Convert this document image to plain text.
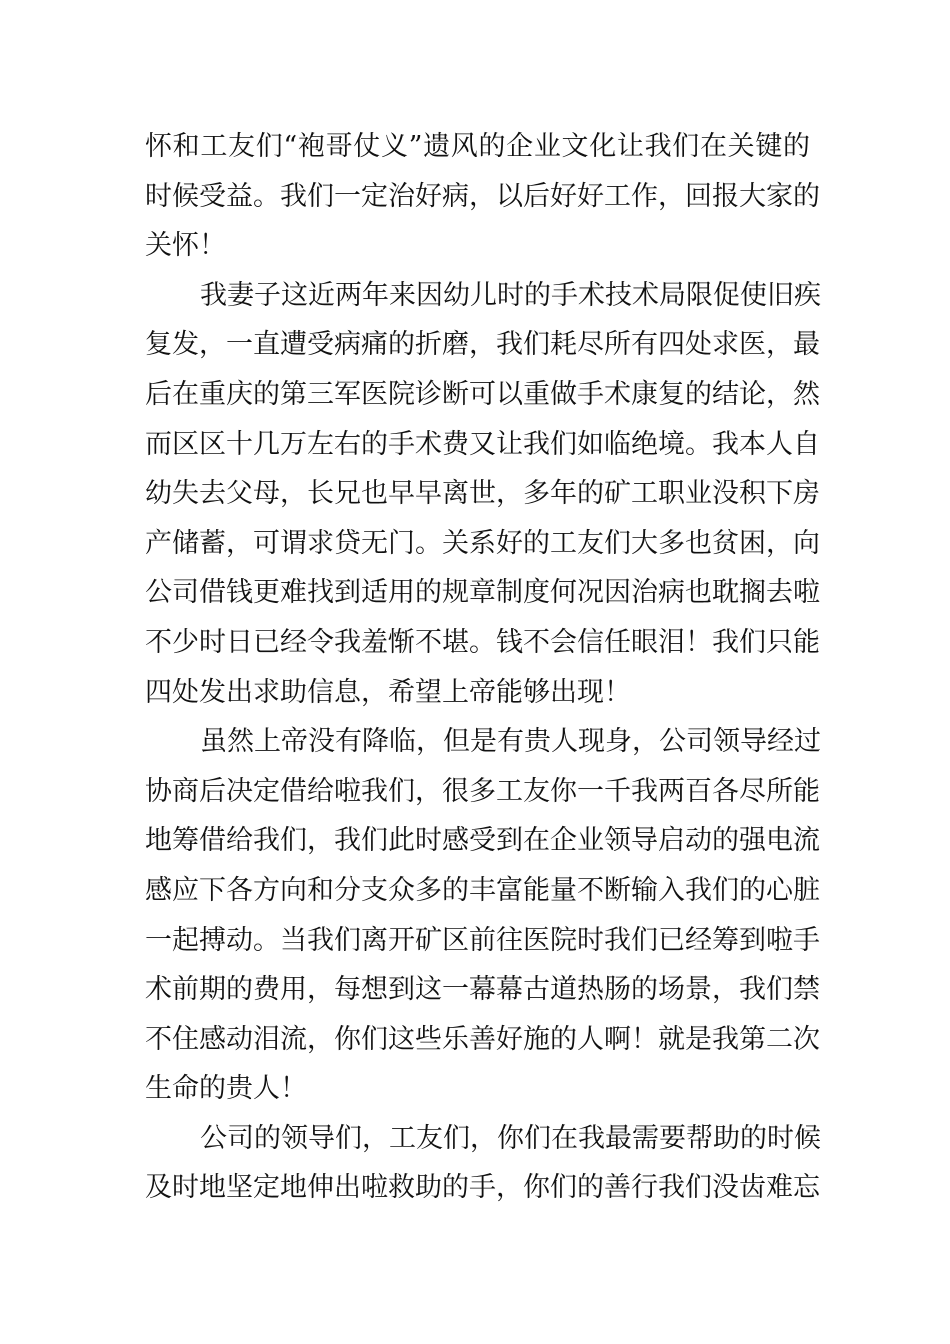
怀和工友们“袍哥仗义”遗风的企业文化让我们在关键的
时候受益。我们一定治好病，以后好好工作，回报大家的
关怀！
我妻子这近两年来因幼儿时的手术技术局限促使旧疾
复发，一直遭受病痛的折磨，我们耗尽所有四处求医，最
后在重庆的第三军医院诊断可以重做手术康复的结论，然
而区区十几万左右的手术费又让我们如临绝境。我本人自
幼失去父母，长兄也早早离世，多年的矿工职业没积下房
产储蓄，可谓求贷无门。关系好的工友们大多也贫困，向
公司借钱更难找到适用的规章制度何况因治病也耽搁去啦
不少时日已经令我羞惭不堪。钱不会信任眼泪！我们只能
四处发出求助信息，希望上帝能够出现！
虽然上帝没有降临，但是有贵人现身，公司领导经过
协商后决定借给啦我们，很多工友你一千我两百各尽所能
地筹借给我们，我们此时感受到在企业领导启动的强电流
感应下各方向和分支众多的丰富能量不断输入我们的心脏
一起搏动。当我们离开矿区前往医院时我们已经筹到啦手
术前期的费用，每想到这一幕幕古道热肠的场景，我们禁
不住感动泪流，你们这些乐善好施的人啊！就是我第二次
生命的贵人！
公司的领导们，工友们，你们在我最需要帮助的时候
及时地坚定地伸出啦救助的手，你们的善行我们没齿难忘
